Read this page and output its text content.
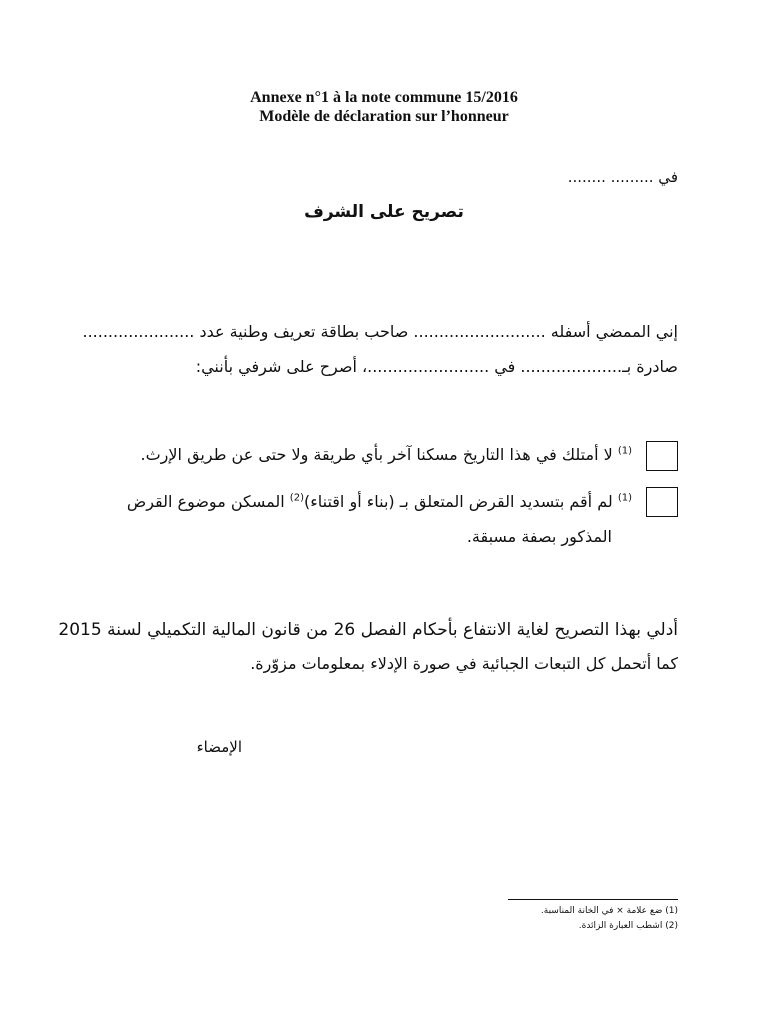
Annexe n°1 à la note commune 15/2016
Modèle de déclaration sur l’honneur
في ......... ........
تصريح على الشرف
إني الممضي أسفله .......................... صاحب بطاقة تعريف وطنية عدد ......................
صادرة بـ.................... في ........................، أصرح على شرفي بأنني:
$^{(1)}$ لا أمتلك في هذا التاريخ مسكنا آخر بأي طريقة ولا حتى عن طريق الإرث.
$^{(1)}$ لم أقم بتسديد القرض المتعلق بـ (بناء أو اقتناء)$^{(2)}$ المسكن موضوع القرض
المذكور بصفة مسبقة.
أدلي بهذا التصريح لغاية الانتفاع بأحكام الفصل 26 من قانون المالية التكميلي لسنة 2015
كما أتحمل كل التبعات الجبائية في صورة الإدلاء بمعلومات مزوّرة.
الإمضاء
(1) ضع علامة × في الخانة المناسبة.
(2) اشطب العبارة الزائدة.
